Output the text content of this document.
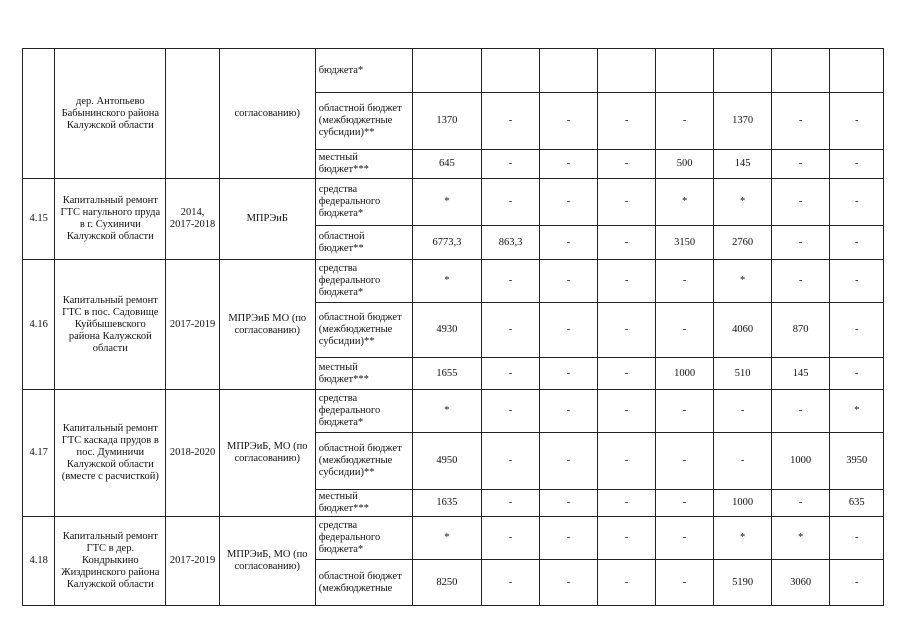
	дер. Антопьево Бабынинского района Калужской области		согласованию)	бюджета*								
				областной бюджет (межбюджетные субсидии)**	1370	-	-	-	-	1370	-	-
				местный бюджет***	645	-	-	-	500	145	-	-
4.15	Капитальный ремонт ГТС нагульного пруда в г. Сухиничи Калужской области	2014, 2017-2018	МПРЭиБ	средства федерального бюджета*	*	-	-	-	*	*	-	-
				областной бюджет**	6773,3	863,3	-	-	3150	2760	-	-
4.16	Капитальный ремонт ГТС в пос. Садовище Куйбышевского района Калужской области	2017-2019	МПРЭиБ МО (по согласованию)	средства федерального бюджета*	*	-	-	-	-	*	-	-
				областной бюджет (межбюджетные субсидии)**	4930	-	-	-	-	4060	870	-
				местный бюджет***	1655	-	-	-	1000	510	145	-
4.17	Капитальный ремонт ГТС каскада прудов в пос. Думиничи Калужской области (вместе с расчисткой)	2018-2020	МПРЭиБ, МО (по согласованию)	средства федерального бюджета*	*	-	-	-	-	-	-	*
				областной бюджет (межбюджетные субсидии)**	4950	-	-	-	-	-	1000	3950
				местный бюджет***	1635	-	-	-	-	1000	-	635
4.18	Капитальный ремонт ГТС в дер. Кондрыкино Жиздринского района Калужской области	2017-2019	МПРЭиБ, МО (по согласованию)	средства федерального бюджета*	*	-	-	-	-	*	*	-
				областной бюджет (межбюджетные	8250	-	-	-	-	5190	3060	-
